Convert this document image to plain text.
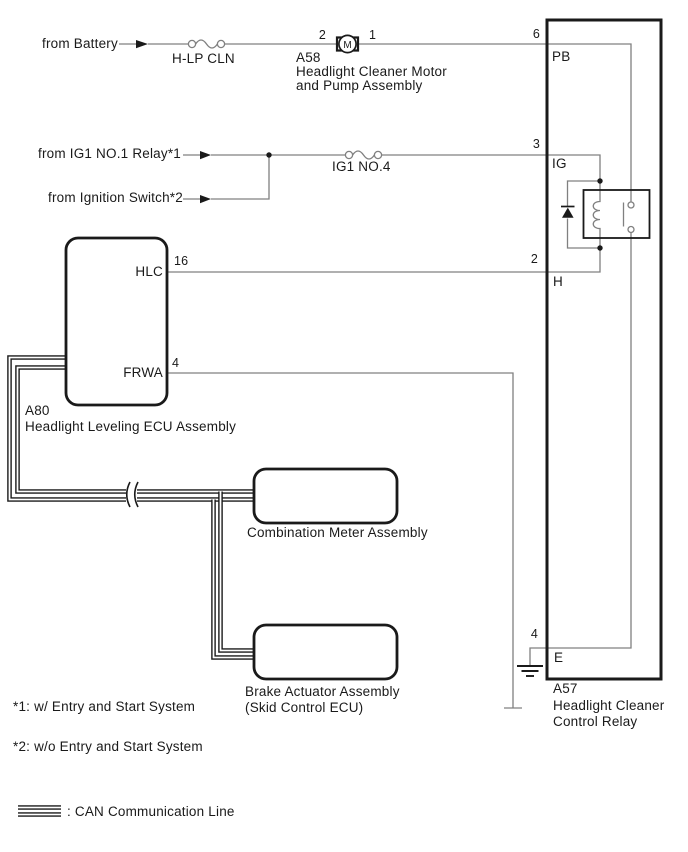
M
from Battery
H-LP CLN
2	1
A58
Headlight Cleaner Motor
and Pump Assembly
6
PB
from IG1 NO.1 Relay*1
IG1 NO.4
3
IG
from Ignition Switch*2
16
HLC
2
H
4
FRWA
A80
Headlight Leveling ECU Assembly
Combination Meter Assembly
4
E
A57
Headlight Cleaner
Control Relay
Brake Actuator Assembly
(Skid Control ECU)
*1: w/ Entry and Start System
*2: w/o Entry and Start System
: CAN Communication Line
